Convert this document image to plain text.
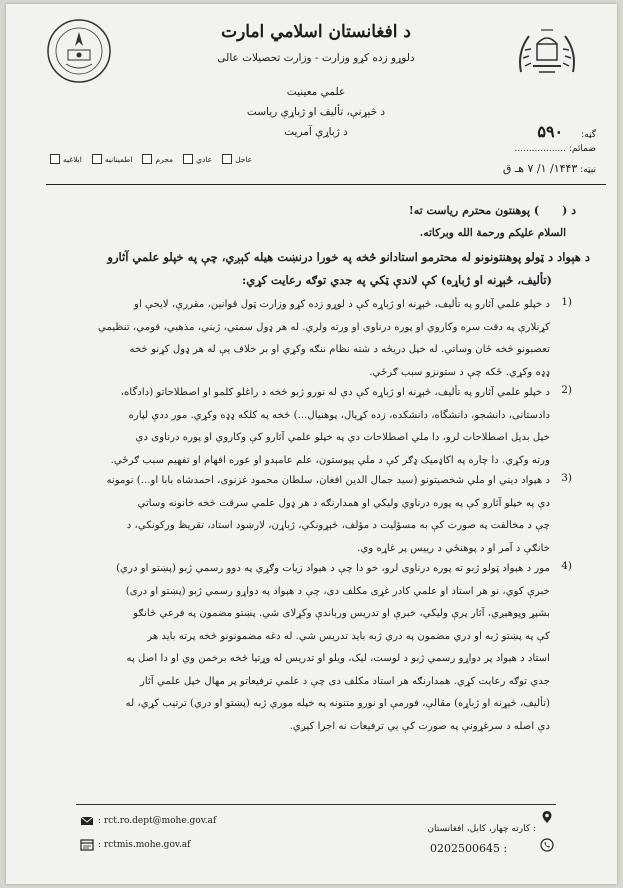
د افغانستان اسلامي امارت
دلوړو زده کړو وزارت - وزارت تحصیلات عالی
علمي معينيت
د څېړنې، تألیف او ژباړې رياست
د ژباړې آمريت	گڼه: ۵۹۰
ضمائم: ..................
نېټه: ۱۴۴۳/ ۱/ ۷ هـ ق
عاجل
عادي
محرم
اطمینانیه
ابلاغیه
د (      ) پوهنتون محترم رياست ته!
السلام علیکم ورحمة الله وبرکاته.
د هېواد د ټولو پوهنتونونو له محترمو استادانو څخه په خورا درنښت هيله کېږي، چې په خپلو علمي آثارو
(تألیف، څېړنه او ژباړه) کې لاندې ټکي په جدي توګه رعايت کړي:
1)
د خپلو علمي آثارو په تألیف، څېړنه او ژباړه کې د لوړو زده کړو وزارت ټول قوانین، مقررې، لایحې او
کړنلارې په دقت سره وکاروي او پوره درناوی او ورته ولري. له هر ډول سمتي، ژبني، مذهبي، قومي، تنظيمي
تعصبونو څخه ځان وساتي. له خپل دریځه د شته نظام ننګه وکړي او بر خلاف یې له هر ډول کړنو څخه
ډډه وکړي. ځکه چې د ستونزو سبب ګرځي.
2)
د خپلو علمي آثارو په تألیف، څېړنه او ژباړه کې دې له نورو ژبو څخه د راغلو کلمو او اصطلاحاتو (دادگاه،
دادستانی، دانشجو، دانشگاه، دانشکده، زده کړیال، پوهنیال...) څخه په کلکه ډډه وکړي. مور ددې لپاره
خپل بدیل اصطلاحات لرو، دا ملي اصطلاحات دي په خپلو علمي آثارو کې وکاروي او پوره درناوی دې
ورته وکړي. دا چاره په اکاډمیک ډګر کې د ملي پیوستون، علم عامېدو او عوره افهام او تفهیم سبب ګرځي.
3)
د هېواد ديني او ملي شخصیتونو (سید جمال الدین افغان، سلطان محمود غزنوی، احمدشاه بابا او...) نومونه
دې په خپلو آثارو کې په پوره درناوي وليکي او همدارنګه د هر ډول علمي سرقت څخه خانونه وساتي
چې د مخالفت په صورت کې به مسؤلیت د مؤلف، څېړونکي، ژباړن، لارښود استاد، تقريظ ورکونکي، د
خانګې د آمر او د پوهنځي د رییس پر غاړه وي.
4)
مور د هېواد ټولو ژبو ته پوره درناوی لرو، خو دا چې د هېواد زيات وګړي په دوو رسمي ژبو (پښتو او دري)
خبرې کوي، نو هر استاد او علمي کادر غړی مکلف دی، چې د هېواد په دواړو رسمي ژبو (پښتو او دری)
بشپړ وپوهېږي، آثار پرې وليکي، خبرې او تدريس ورباندې وکړلای شي. پښتو مضمون په فرعي څانګو
کې په پښتو ژبه او دري مضمون په دري ژبه بايد تدريس شي. له دغه مضمونونو څخه پرته بايد هر
استاد د هېواد پر دواړو رسمي ژبو د لوست، ليک، ويلو او تدريس له وړتيا څخه برخمن وي او دا اصل په
جدي توګه رعايت کړي. همدارنګه هر استاد مکلف دی چې د علمي ترفيعاتو پر مهال خپل علمي آثار
(تألیف، څېړنه او ژباړه) مقالې، فورمې او نورو متنونه په خپله موري ژبه (پښتو او دري) ترتیب کړي، له
دې اصله د سرغړونې په صورت کې يي ترفيعات نه اجرا کېږي.
: rct.ro.dept@mohe.gov.af
: rctmis.mohe.gov.af
: کارته چهار، کابل، افغانستان
0202500645 :
